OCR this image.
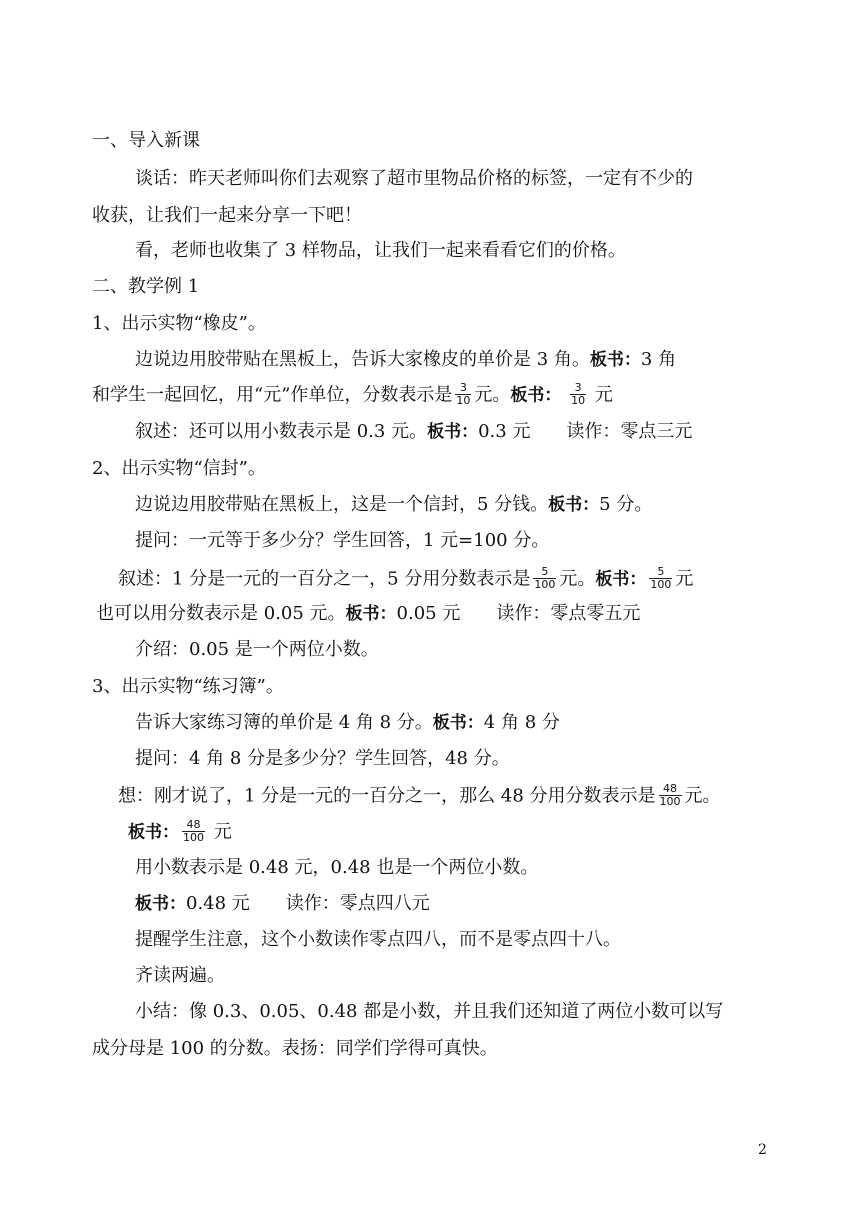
一、导入新课
谈话：昨天老师叫你们去观察了超市里物品价格的标签，一定有不少的
收获，让我们一起来分享一下吧！
看，老师也收集了 3 样物品，让我们一起来看看它们的价格。
二、教学例 1
1、出示实物“橡皮”。
边说边用胶带贴在黑板上，告诉大家橡皮的单价是 3 角。板书：3 角
和学生一起回忆，用“元”作单位，分数表示是 $\frac{3}{10}$ 元。板书： $\frac{3}{10}$ 元
叙述：还可以用小数表示是 0.3 元。板书：0.3 元　　读作：零点三元
2、出示实物“信封”。
边说边用胶带贴在黑板上，这是一个信封，5 分钱。板书：5 分。
提问：一元等于多少分？学生回答，1 元=100 分。
叙述：1 分是一元的一百分之一，5 分用分数表示是 $\frac{5}{100}$ 元。板书： $\frac{5}{100}$ 元
也可以用分数表示是 0.05 元。板书：0.05 元　　读作：零点零五元
介绍：0.05 是一个两位小数。
3、出示实物“练习簿”。
告诉大家练习簿的单价是 4 角 8 分。板书：4 角 8 分
提问：4 角 8 分是多少分？学生回答，48 分。
想：刚才说了，1 分是一元的一百分之一，那么 48 分用分数表示是 $\frac{48}{100}$ 元。
板书： $\frac{48}{100}$ 元
用小数表示是 0.48 元，0.48 也是一个两位小数。
板书：0.48 元　　读作：零点四八元
提醒学生注意，这个小数读作零点四八，而不是零点四十八。
齐读两遍。
小结：像 0.3、0.05、0.48 都是小数，并且我们还知道了两位小数可以写
成分母是 100 的分数。表扬：同学们学得可真快。
2
